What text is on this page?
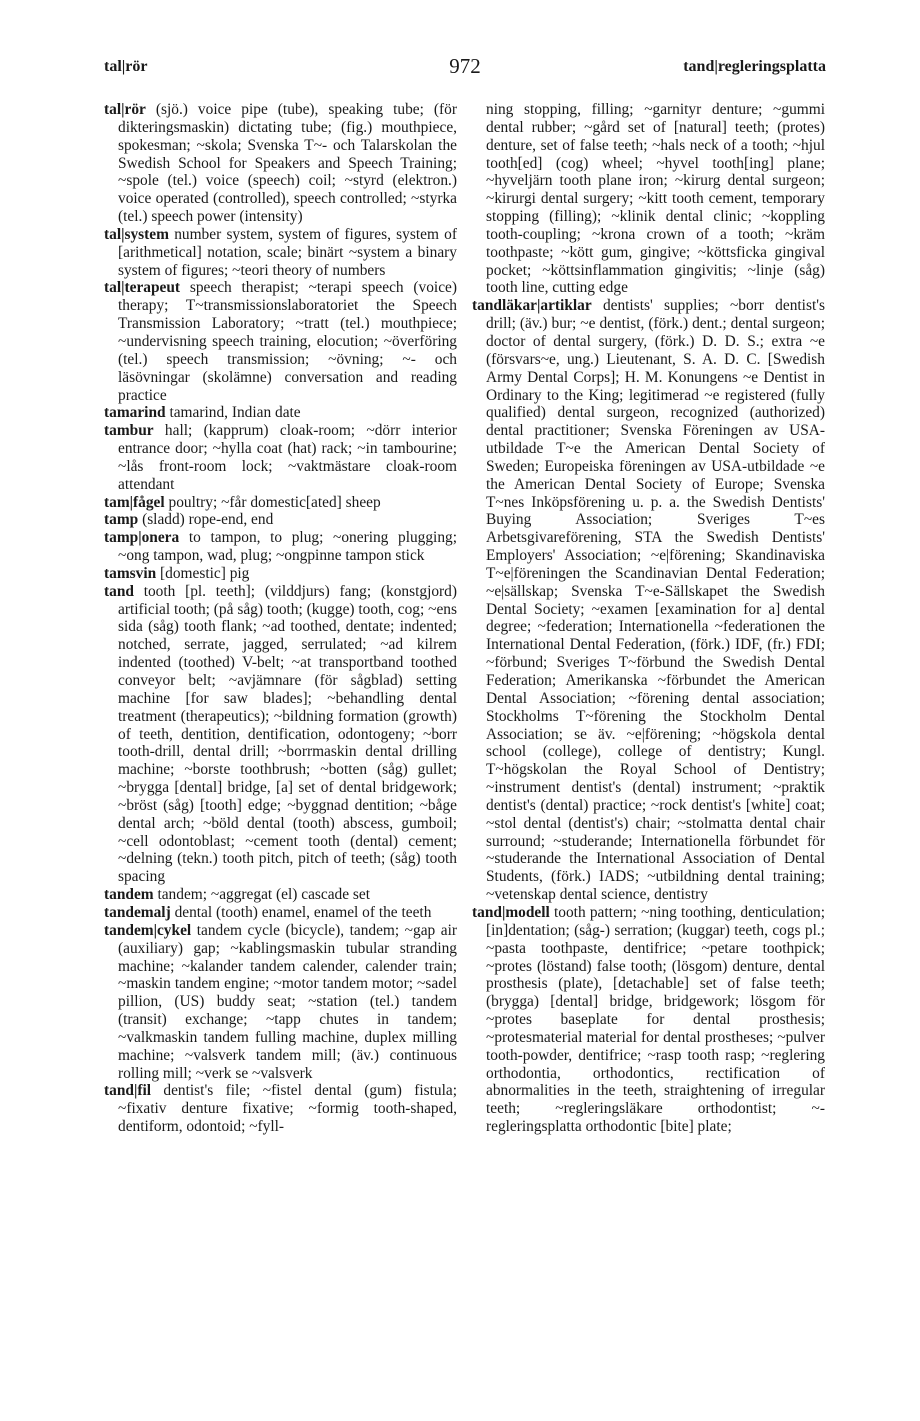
tal|rör	972	tand|regleringsplatta

tal|rör (sjö.) voice pipe (tube), speaking tube; (för dikteringsmaskin) dictating tube; (fig.) mouthpiece, spokesman; ~skola; Svenska T~- och Talarskolan the Swedish School for Speakers and Speech Training; ~spole (tel.) voice (speech) coil; ~styrd (elektron.) voice operated (controlled), speech controlled; ~styrka (tel.) speech power (intensity)

tal|system number system, system of figures, system of [arithmetical] notation, scale; binärt ~system a binary system of figures; ~teori theory of numbers

tal|terapeut speech therapist; ~terapi speech (voice) therapy; T~transmissionslaboratoriet the Speech Transmission Laboratory; ~tratt (tel.) mouthpiece; ~undervisning speech training, elocution; ~överföring (tel.) speech transmission; ~övning; ~- och läsövningar (skolämne) conversation and reading practice

tamarind tamarind, Indian date

tambur hall; (kapprum) cloak-room; ~dörr interior entrance door; ~hylla coat (hat) rack; ~in tambourine; ~lås front-room lock; ~vaktmästare cloak-room attendant

tam|fågel poultry; ~får domestic[ated] sheep

tamp (sladd) rope-end, end

tamp|onera to tampon, to plug; ~onering plugging; ~ong tampon, wad, plug; ~ongpinne tampon stick

tamsvin [domestic] pig

tand tooth [pl. teeth]; (vilddjurs) fang; (konstgjord) artificial tooth; (på såg) tooth; (kugge) tooth, cog; ~ens sida (såg) tooth flank; ~ad toothed, dentate; indented; notched, serrate, jagged, serrulated; ~ad kilrem indented (toothed) V-belt; ~at transportband toothed conveyor belt; ~avjämnare (för sågblad) setting machine [for saw blades]; ~behandling dental treatment (therapeutics); ~bildning formation (growth) of teeth, dentition, dentification, odontogeny; ~borr tooth-drill, dental drill; ~borrmaskin dental drilling machine; ~borste toothbrush; ~botten (såg) gullet; ~brygga [dental] bridge, [a] set of dental bridgework; ~bröst (såg) [tooth] edge; ~byggnad dentition; ~båge dental arch; ~böld dental (tooth) abscess, gumboil; ~cell odontoblast; ~cement tooth (dental) cement; ~delning (tekn.) tooth pitch, pitch of teeth; (såg) tooth spacing

tandem tandem; ~aggregat (el) cascade set

tandemalj dental (tooth) enamel, enamel of the teeth

tandem|cykel tandem cycle (bicycle), tandem; ~gap air (auxiliary) gap; ~kablingsmaskin tubular stranding machine; ~kalander tandem calender, calender train; ~maskin tandem engine; ~motor tandem motor; ~sadel pillion, (US) buddy seat; ~station (tel.) tandem (transit) exchange; ~tapp chutes in tandem; ~valkmaskin tandem fulling machine, duplex milling machine; ~valsverk tandem mill; (äv.) continuous rolling mill; ~verk se ~valsverk

tand|fil dentist's file; ~fistel dental (gum) fistula; ~fixativ denture fixative; ~formig tooth-shaped, dentiform, odontoid; ~fyll-

ning stopping, filling; ~garnityr denture; ~gummi dental rubber; ~gård set of [natural] teeth; (protes) denture, set of false teeth; ~hals neck of a tooth; ~hjul tooth[ed] (cog) wheel; ~hyvel tooth[ing] plane; ~hyveljärn tooth plane iron; ~kirurg dental surgeon; ~kirurgi dental surgery; ~kitt tooth cement, temporary stopping (filling); ~klinik dental clinic; ~koppling tooth-coupling; ~krona crown of a tooth; ~kräm toothpaste; ~kött gum, gingive; ~köttsficka gingival pocket; ~köttsinflammation gingivitis; ~linje (såg) tooth line, cutting edge

tandläkar|artiklar dentists' supplies; ~borr dentist's drill; (äv.) bur; ~e dentist, (förk.) dent.; dental surgeon; doctor of dental surgery, (förk.) D. D. S.; extra ~e (försvars~e, ung.) Lieutenant, S. A. D. C. [Swedish Army Dental Corps]; H. M. Konungens ~e Dentist in Ordinary to the King; legitimerad ~e registered (fully qualified) dental surgeon, recognized (authorized) dental practitioner; Svenska Föreningen av USA-utbildade T~e the American Dental Society of Sweden; Europeiska föreningen av USA-utbildade ~e the American Dental Society of Europe; Svenska T~nes Inköpsförening u. p. a. the Swedish Dentists' Buying Association; Sveriges T~es Arbetsgivareförening, STA the Swedish Dentists' Employers' Association; ~e|förening; Skandinaviska T~e|föreningen the Scandinavian Dental Federation; ~e|sällskap; Svenska T~e-Sällskapet the Swedish Dental Society; ~examen [examination for a] dental degree; ~federation; Internationella ~federationen the International Dental Federation, (förk.) IDF, (fr.) FDI; ~förbund; Sveriges T~förbund the Swedish Dental Federation; Amerikanska ~förbundet the American Dental Association; ~förening dental association; Stockholms T~förening the Stockholm Dental Association; se äv. ~e|förening; ~högskola dental school (college), college of dentistry; Kungl. T~högskolan the Royal School of Dentistry; ~instrument dentist's (dental) instrument; ~praktik dentist's (dental) practice; ~rock dentist's [white] coat; ~stol dental (dentist's) chair; ~stolmatta dental chair surround; ~studerande; Internationella förbundet för ~studerande the International Association of Dental Students, (förk.) IADS; ~utbildning dental training; ~vetenskap dental science, dentistry

tand|modell tooth pattern; ~ning toothing, denticulation; [in]dentation; (såg-) serration; (kuggar) teeth, cogs pl.; ~pasta toothpaste, dentifrice; ~petare toothpick; ~protes (löstand) false tooth; (lösgom) denture, dental prosthesis (plate), [detachable] set of false teeth; (brygga) [dental] bridge, bridgework; lösgom för ~protes baseplate for dental prosthesis; ~protesmaterial material for dental prostheses; ~pulver tooth-powder, dentifrice; ~rasp tooth rasp; ~reglering orthodontia, orthodontics, rectification of abnormalities in the teeth, straightening of irregular teeth; ~regleringsläkare orthodontist; ~-regleringsplatta orthodontic [bite] plate;
